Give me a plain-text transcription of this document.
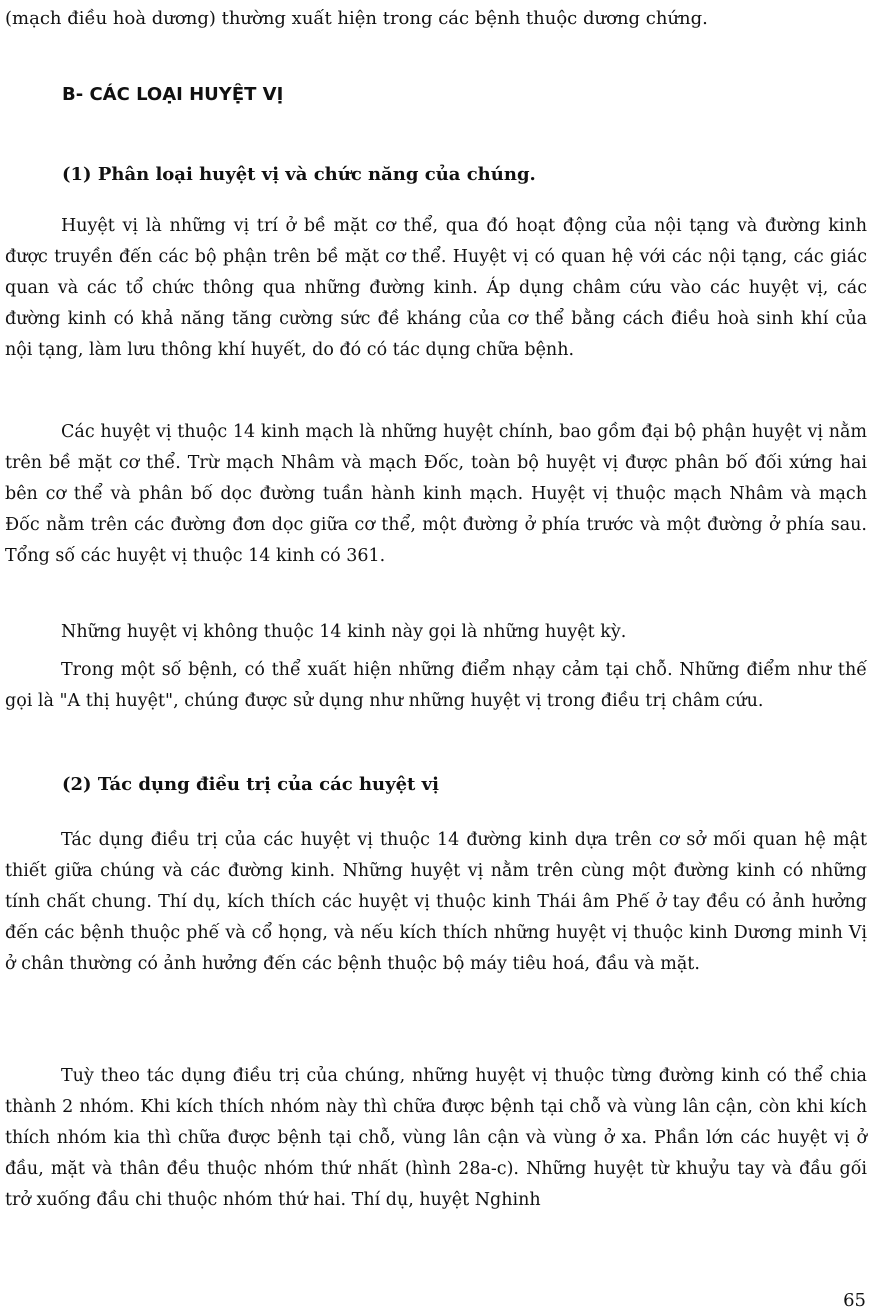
(mạch điều hoà dương) thường xuất hiện trong các bệnh thuộc dương chứng.

B- CÁC LOẠI HUYỆT VỊ
(1) Phân loại huyệt vị và chức năng của chúng.

Huyệt vị là những vị trí ở bề mặt cơ thể, qua đó hoạt động của nội tạng và đường kinh được truyền đến các bộ phận trên bề mặt cơ thể. Huyệt vị có quan hệ với các nội tạng, các giác quan và các tổ chức thông qua những đường kinh. Áp dụng châm cứu vào các huyệt vị, các đường kinh có khả năng tăng cường sức đề kháng của cơ thể bằng cách điều hoà sinh khí của nội tạng, làm lưu thông khí huyết, do đó có tác dụng chữa bệnh.

Các huyệt vị thuộc 14 kinh mạch là những huyệt chính, bao gồm đại bộ phận huyệt vị nằm trên bề mặt cơ thể. Trừ mạch Nhâm và mạch Đốc, toàn bộ huyệt vị được phân bố đối xứng hai bên cơ thể và phân bố dọc đường tuần hành kinh mạch. Huyệt vị thuộc mạch Nhâm và mạch Đốc nằm trên các đường đơn dọc giữa cơ thể, một đường ở phía trước và một đường ở phía sau. Tổng số các huyệt vị thuộc 14 kinh có 361.

Những huyệt vị không thuộc 14 kinh này gọi là những huyệt kỳ.

Trong một số bệnh, có thể xuất hiện những điểm nhạy cảm tại chỗ. Những điểm như thế gọi là "A thị huyệt", chúng được sử dụng như những huyệt vị trong điều trị châm cứu.

(2) Tác dụng điều trị của các huyệt vị

Tác dụng điều trị của các huyệt vị thuộc 14 đường kinh dựa trên cơ sở mối quan hệ mật thiết giữa chúng và các đường kinh. Những huyệt vị nằm trên cùng một đường kinh có những tính chất chung. Thí dụ, kích thích các huyệt vị thuộc kinh Thái âm Phế ở tay đều có ảnh hưởng đến các bệnh thuộc phế và cổ họng, và nếu kích thích những huyệt vị thuộc kinh Dương minh Vị ở chân thường có ảnh hưởng đến các bệnh thuộc bộ máy tiêu hoá, đầu và mặt.

Tuỳ theo tác dụng điều trị của chúng, những huyệt vị thuộc từng đường kinh có thể chia thành 2 nhóm. Khi kích thích nhóm này thì chữa được bệnh tại chỗ và vùng lân cận, còn khi kích thích nhóm kia thì chữa được bệnh tại chỗ, vùng lân cận và vùng ở xa. Phần lớn các huyệt vị ở đầu, mặt và thân đều thuộc nhóm thứ nhất (hình 28a-c). Những huyệt từ khuỷu tay và đầu gối trở xuống đầu chi thuộc nhóm thứ hai. Thí dụ, huyệt Nghinh

65
